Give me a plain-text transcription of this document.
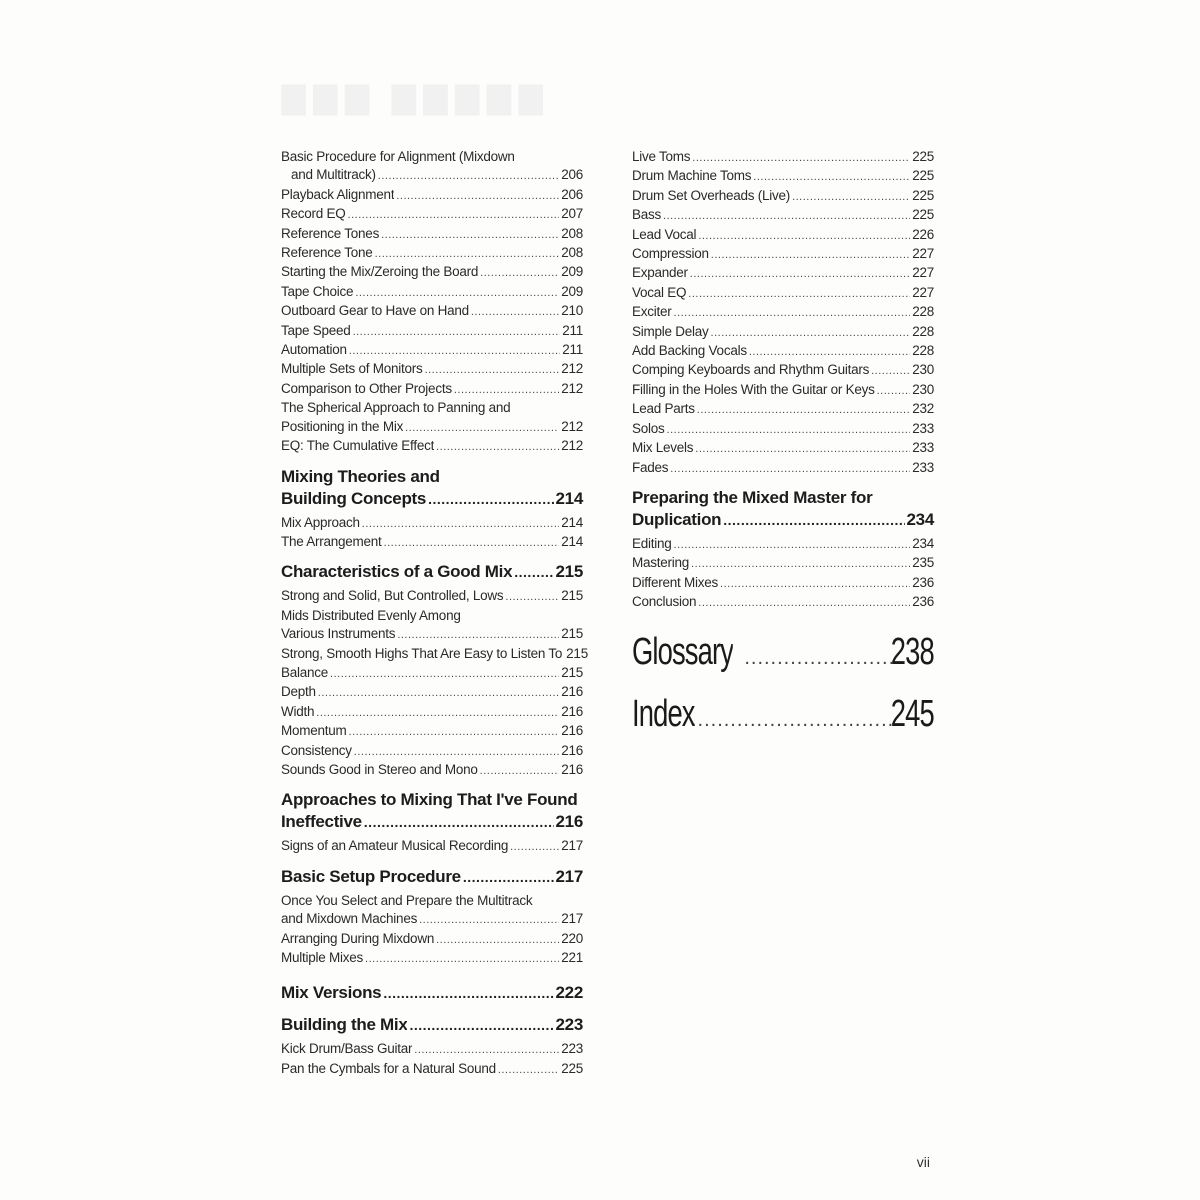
■■■ ■■■■■
Basic Procedure for Alignment (Mixdown
and Multitrack) .....	206
Playback Alignment .....	206
Record EQ .....	207
Reference Tones .....	208
Reference Tone .....	208
Starting the Mix/Zeroing the Board .....	209
Tape Choice .....	209
Outboard Gear to Have on Hand .....	210
Tape Speed .....	211
Automation .....	211
Multiple Sets of Monitors .....	212
Comparison to Other Projects .....	212
The Spherical Approach to Panning and
Positioning in the Mix .....	212
EQ: The Cumulative Effect .....	212
Mixing Theories and
Building Concepts .....	214
Mix Approach .....	214
The Arrangement .....	214
Characteristics of a Good Mix .....	215
Strong and Solid, But Controlled, Lows .....	215
Mids Distributed Evenly Among
Various Instruments .....	215
Strong, Smooth Highs That Are Easy to Listen To 215
Balance .....	215
Depth .....	216
Width .....	216
Momentum .....	216
Consistency .....	216
Sounds Good in Stereo and Mono .....	216
Approaches to Mixing That I've Found
Ineffective .....	216
Signs of an Amateur Musical Recording .....	217
Basic Setup Procedure .....	217
Once You Select and Prepare the Multitrack
and Mixdown Machines .....	217
Arranging During Mixdown .....	220
Multiple Mixes .....	221
Mix Versions .....	222
Building the Mix .....	223
Kick Drum/Bass Guitar .....	223
Pan the Cymbals for a Natural Sound .....	225
Live Toms .....	225
Drum Machine Toms .....	225
Drum Set Overheads (Live) .....	225
Bass .....	225
Lead Vocal .....	226
Compression .....	227
Expander .....	227
Vocal EQ .....	227
Exciter .....	228
Simple Delay .....	228
Add Backing Vocals .....	228
Comping Keyboards and Rhythm Guitars .....	230
Filling in the Holes With the Guitar or Keys .....	230
Lead Parts .....	232
Solos .....	233
Mix Levels .....	233
Fades .....	233
Preparing the Mixed Master for
Duplication .....	234
Editing .....	234
Mastering .....	235
Different Mixes .....	236
Conclusion .....	236
Glossary .....	238
Index .....	245
vii
